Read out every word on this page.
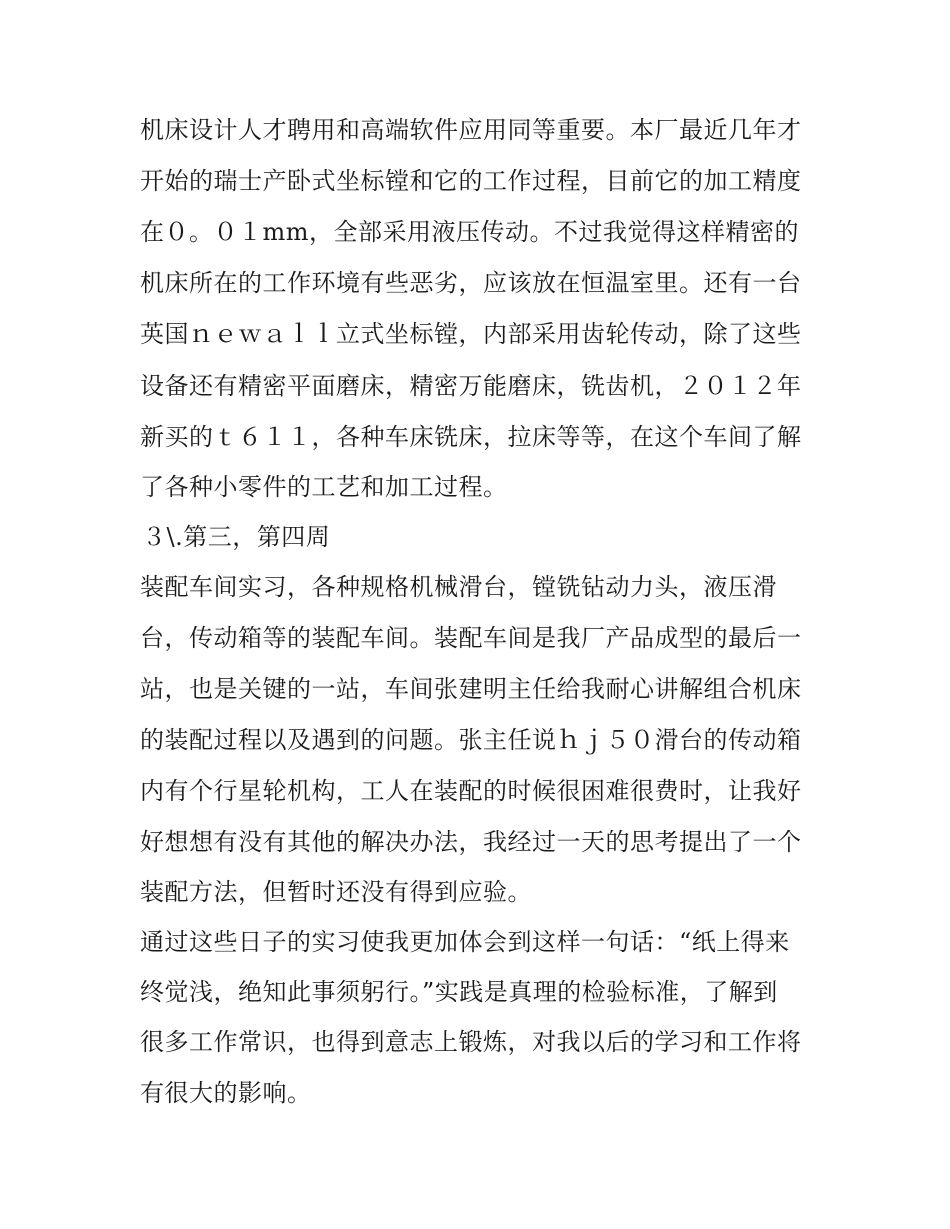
机床设计人才聘用和高端软件应用同等重要。本厂最近几年才
开始的瑞士产卧式坐标镗和它的工作过程，目前它的加工精度
在０。０１mm，全部采用液压传动。不过我觉得这样精密的
机床所在的工作环境有些恶劣，应该放在恒温室里。还有一台
英国ｎｅｗａｌｌ立式坐标镗，内部采用齿轮传动，除了这些
设备还有精密平面磨床，精密万能磨床，铣齿机，２０１２年
新买的ｔ６１１，各种车床铣床，拉床等等，在这个车间了解
了各种小零件的工艺和加工过程。
３\.第三，第四周
装配车间实习，各种规格机械滑台，镗铣钻动力头，液压滑
台，传动箱等的装配车间。装配车间是我厂产品成型的最后一
站，也是关键的一站，车间张建明主任给我耐心讲解组合机床
的装配过程以及遇到的问题。张主任说ｈｊ５０滑台的传动箱
内有个行星轮机构，工人在装配的时候很困难很费时，让我好
好想想有没有其他的解决办法，我经过一天的思考提出了一个
装配方法，但暂时还没有得到应验。
通过这些日子的实习使我更加体会到这样一句话：“纸上得来
终觉浅，绝知此事须躬行。”实践是真理的检验标准，了解到
很多工作常识，也得到意志上锻炼，对我以后的学习和工作将
有很大的影响。
